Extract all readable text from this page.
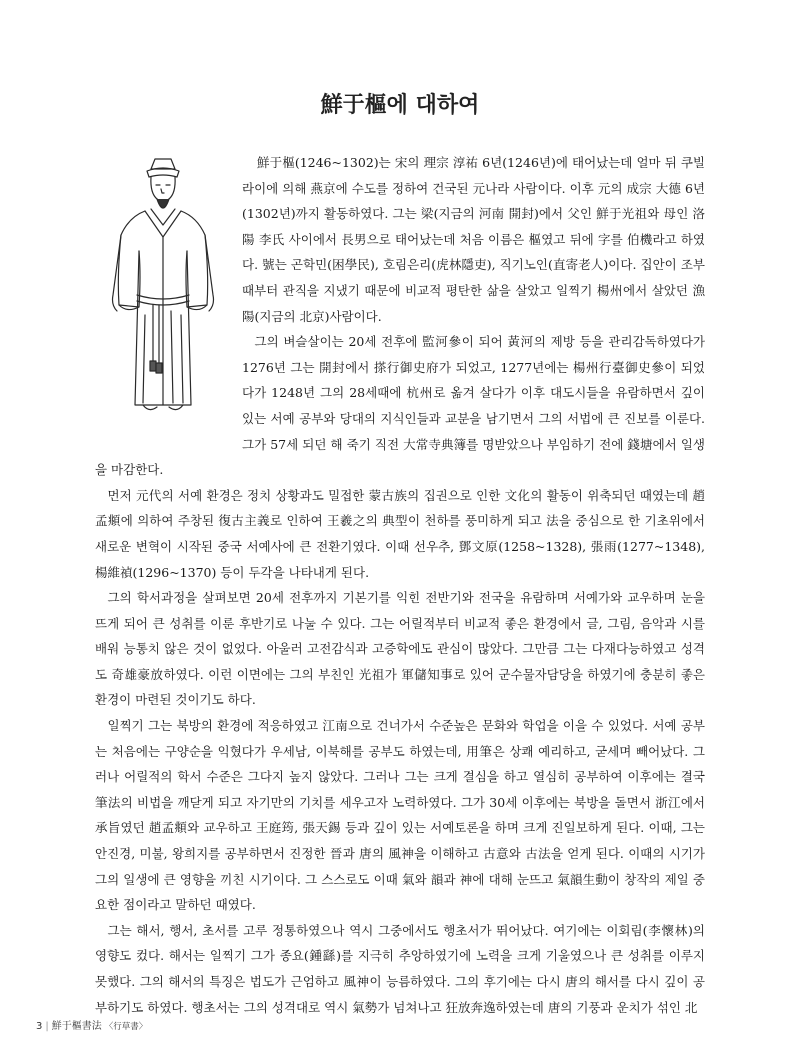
鮮于樞에 대하여

鮮于樞(1246~1302)는 宋의 理宗 淳祐 6년(1246년)에 태어났는데 얼마 뒤 쿠빌라이에 의해 燕京에 수도를 정하여 건국된 元나라 사람이다. 이후 元의 成宗 大德 6년(1302년)까지 활동하였다. 그는 梁(지금의 河南 開封)에서 父인 鮮于光祖와 母인 洛陽 李氏 사이에서 長男으로 태어났는데 처음 이름은 樞였고 뒤에 字를 伯機라고 하였다. 號는 곤학민(困學民), 호림은리(虎林隱吏), 직기노인(直寄老人)이다. 집안이 조부때부터 관직을 지냈기 때문에 비교적 평탄한 삶을 살았고 일찍기 楊州에서 살았던 漁陽(지금의 北京)사람이다.

그의 벼슬살이는 20세 전후에 監河參이 되어 黃河의 제방 등을 관리감독하였다가 1276년 그는 開封에서 搽行御史府가 되었고, 1277년에는 楊州行臺御史參이 되었다가 1248년 그의 28세때에 杭州로 옮겨 살다가 이후 대도시들을 유람하면서 깊이 있는 서예 공부와 당대의 지식인들과 교분을 남기면서 그의 서법에 큰 진보를 이룬다. 그가 57세 되던 해 죽기 직전 大常寺典簿를 명받았으나 부임하기 전에 錢塘에서 일생을 마감한다.

먼저 元代의 서예 환경은 정치 상황과도 밀접한 蒙古族의 집권으로 인한 文化의 활동이 위축되던 때였는데 趙孟頫에 의하여 주창된 復古主義로 인하여 王羲之의 典型이 천하를 풍미하게 되고 法을 중심으로 한 기초위에서 새로운 변혁이 시작된 중국 서예사에 큰 전환기였다. 이때 선우추, 鄧文原(1258~1328), 張雨(1277~1348), 楊維禎(1296~1370) 등이 두각을 나타내게 된다.

그의 학서과정을 살펴보면 20세 전후까지 기본기를 익힌 전반기와 전국을 유람하며 서예가와 교우하며 눈을 뜨게 되어 큰 성취를 이룬 후반기로 나눌 수 있다. 그는 어릴적부터 비교적 좋은 환경에서 글, 그림, 음악과 시를 배워 능통치 않은 것이 없었다. 아울러 고전감식과 고증학에도 관심이 많았다. 그만큼 그는 다재다능하였고 성격도 奇雄豪放하였다. 이런 이면에는 그의 부친인 光祖가 軍儲知事로 있어 군수물자담당을 하였기에 충분히 좋은 환경이 마련된 것이기도 하다.

일찍기 그는 북방의 환경에 적응하였고 江南으로 건너가서 수준높은 문화와 학업을 이을 수 있었다. 서예 공부는 처음에는 구양순을 익혔다가 우세남, 이북해를 공부도 하였는데, 用筆은 상쾌 예리하고, 굳세며 빼어났다. 그러나 어릴적의 학서 수준은 그다지 높지 않았다. 그러나 그는 크게 결심을 하고 열심히 공부하여 이후에는 결국 筆法의 비법을 깨닫게 되고 자기만의 기치를 세우고자 노력하였다. 그가 30세 이후에는 북방을 돌면서 浙江에서 承旨였던 趙孟頫와 교우하고 王庭筠, 張天錫 등과 깊이 있는 서예토론을 하며 크게 진일보하게 된다. 이때, 그는 안진경, 미불, 왕희지를 공부하면서 진정한 晉과 唐의 風神을 이해하고 古意와 古法을 얻게 된다. 이때의 시기가 그의 일생에 큰 영향을 끼친 시기이다. 그 스스로도 이때 氣와 韻과 神에 대해 눈뜨고 氣韻生動이 창작의 제일 중요한 점이라고 말하던 때였다.

그는 해서, 행서, 초서를 고루 정통하였으나 역시 그중에서도 행초서가 뛰어났다. 여기에는 이회림(李懷林)의 영향도 컸다. 해서는 일찍기 그가 종요(鍾繇)를 지극히 추앙하였기에 노력을 크게 기울였으나 큰 성취를 이루지 못했다. 그의 해서의 특징은 법도가 근엄하고 風神이 능름하였다. 그의 후기에는 다시 唐의 해서를 다시 깊이 공부하기도 하였다. 행초서는 그의 성격대로 역시 氣勢가 넘쳐나고 狂放奔逸하였는데 唐의 기풍과 운치가 섞인 北

3 | 鮮于樞書法 〈行草書〉
